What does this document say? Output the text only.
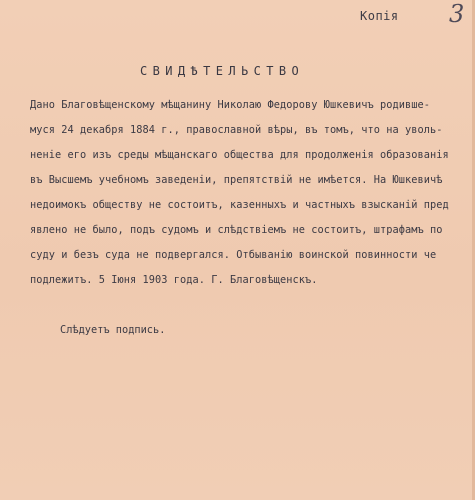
Копія 3
СВИДѢТЕЛЬСТВО
Дано Благовѣщенскому мѣщанину Николаю Федорову Юшкевичъ родившe-
муся 24 декабря 1884 г., православной вѣры, въ томъ, что на уволь-
неніе его изъ среды мѣщанскаго общества для продолженія образованія
въ Высшемъ учебномъ заведеніи, препятствій не имѣется. На Юшкевичѣ
недоимокъ обществу не состоитъ, казенныхъ и частныхъ взысканій пред
явлено не было, подъ судомъ и слѣдствіемъ не состоитъ, штрафамъ по
суду и безъ суда не подвергался. Отбыванію воинской повинности че
подлежитъ. 5 Іюня 1903 года. Г. Благовѣщенскъ.
Слѣдуетъ подпись.
